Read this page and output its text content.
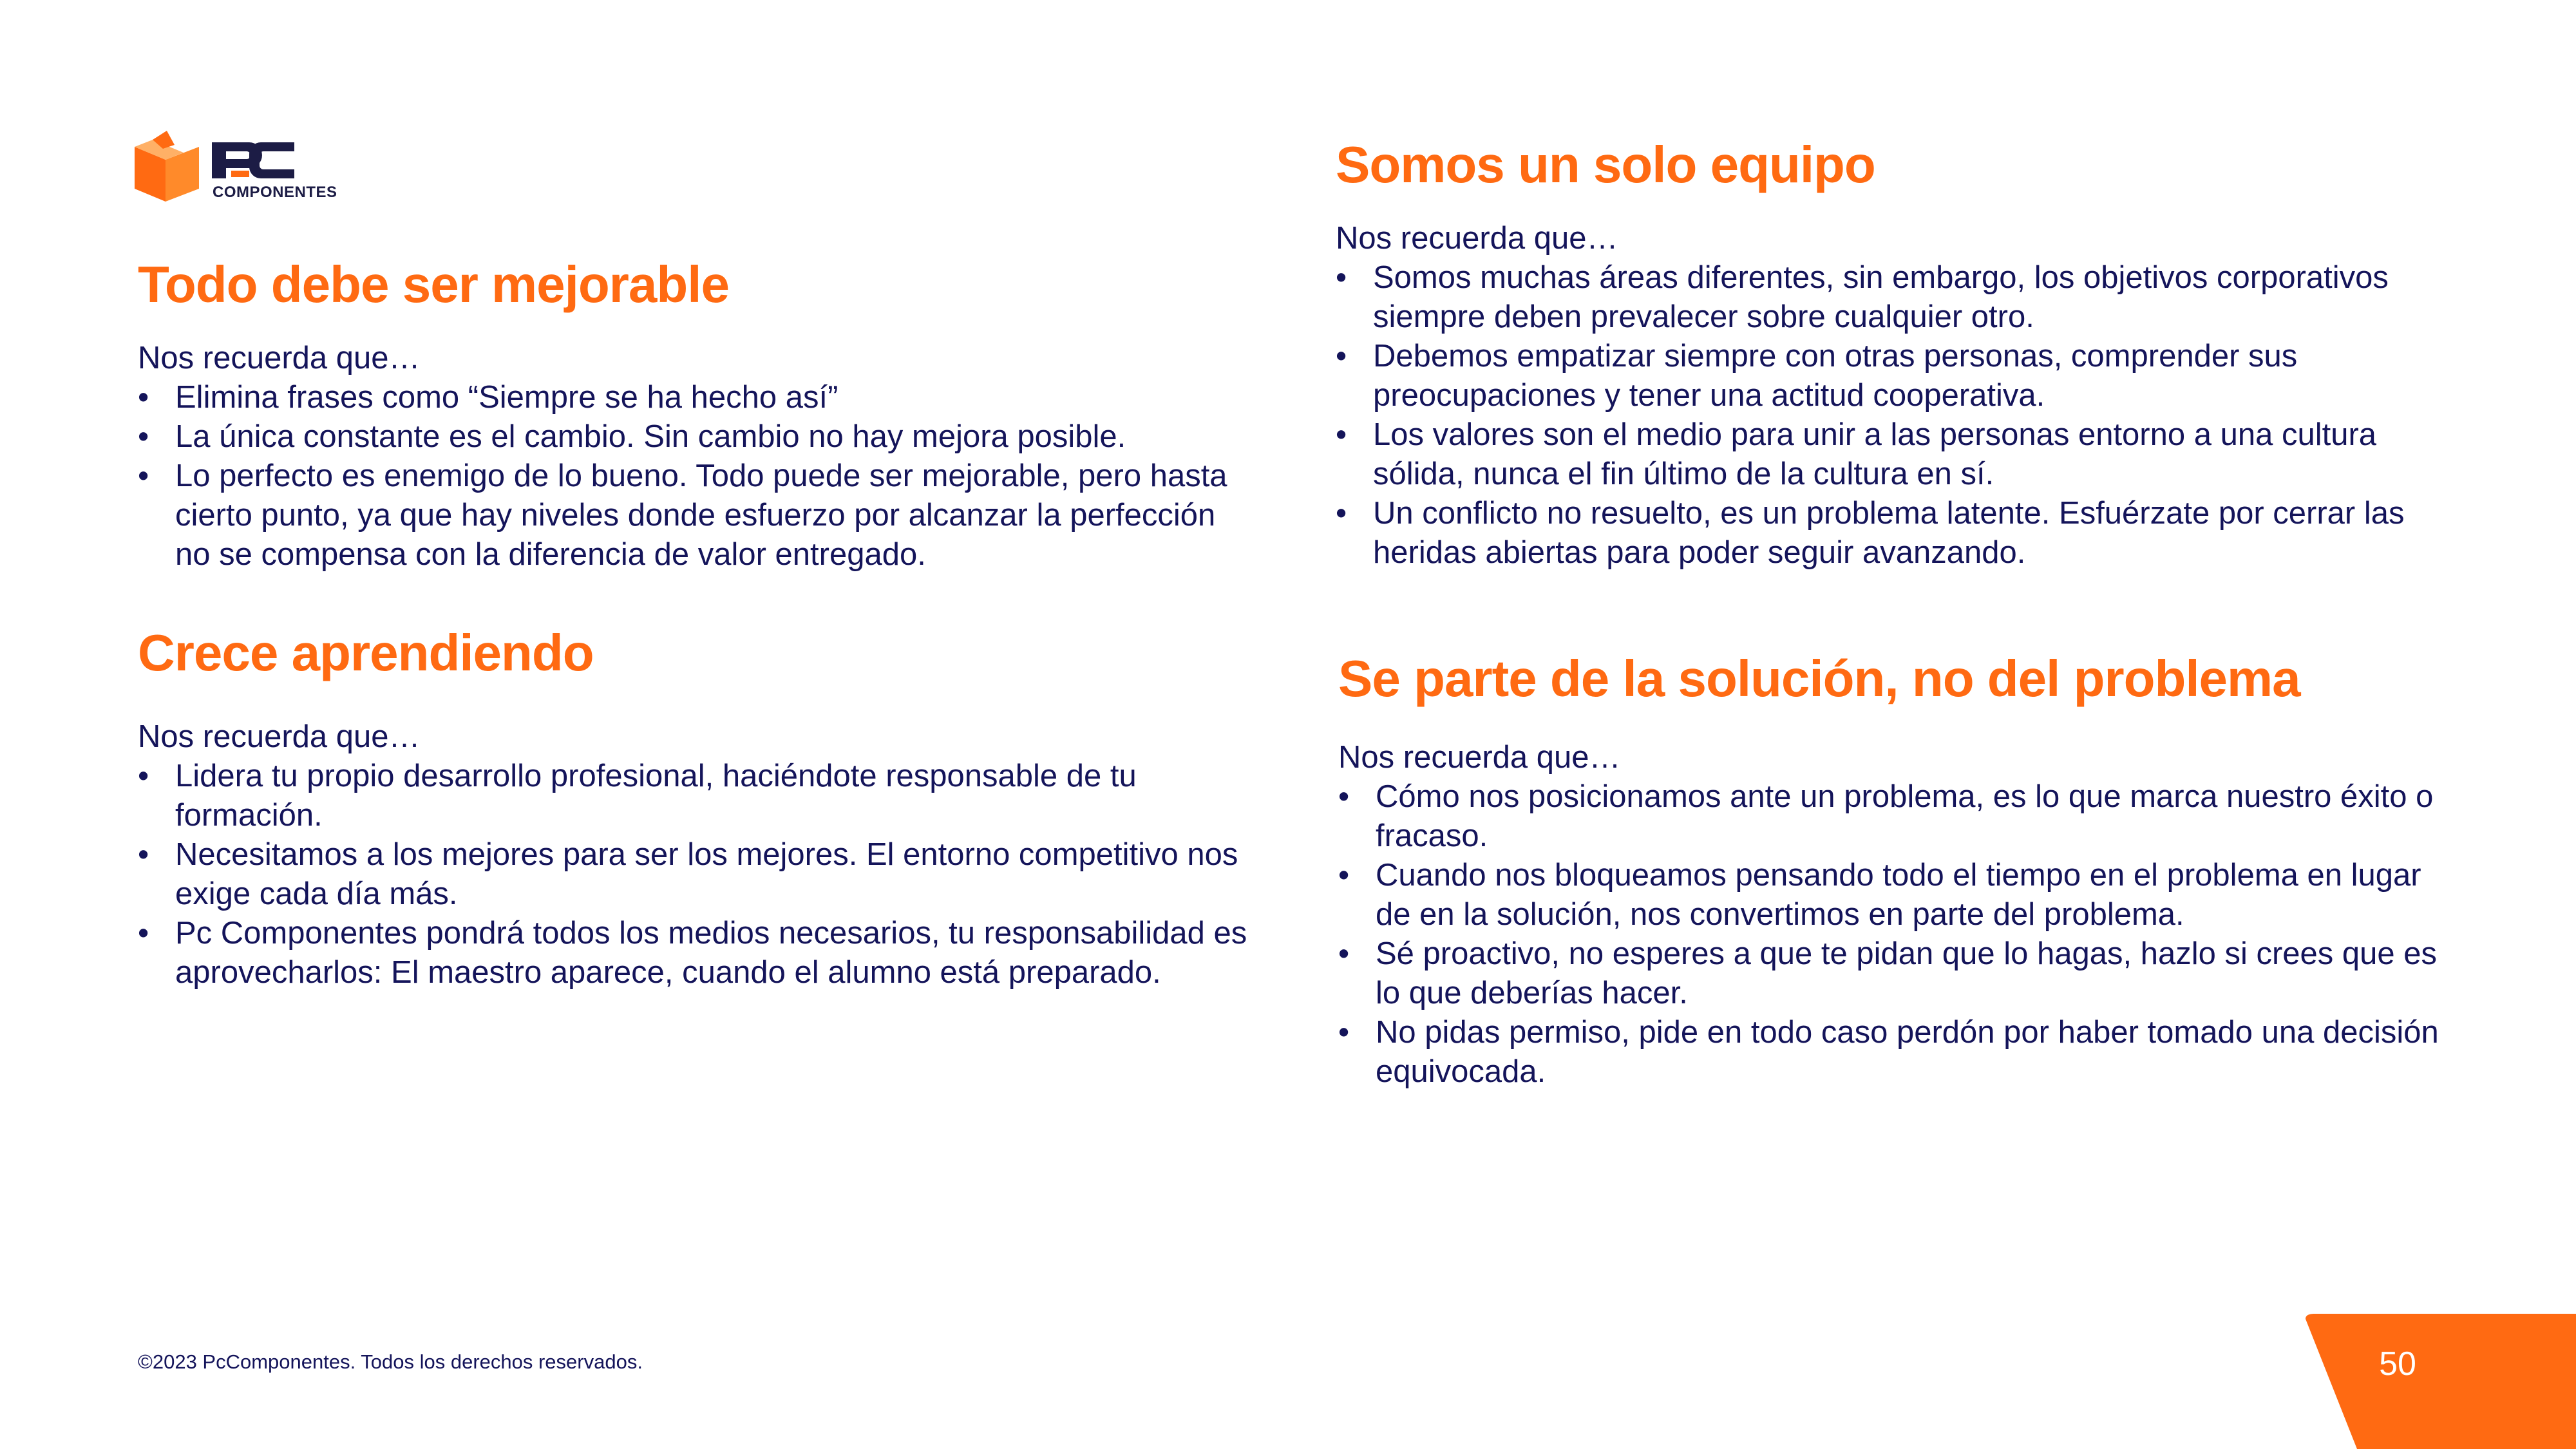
COMPONENTES
Todo debe ser mejorable
Nos recuerda que…
• Elimina frases como “Siempre se ha hecho así”
• La única constante es el cambio. Sin cambio no hay mejora posible.
• Lo perfecto es enemigo de lo bueno. Todo puede ser mejorable, pero hasta cierto punto, ya que hay niveles donde esfuerzo por alcanzar la perfección no se compensa con la diferencia de valor entregado.
Crece aprendiendo
Nos recuerda que…
• Lidera tu propio desarrollo profesional, haciéndote responsable de tu formación.
• Necesitamos a los mejores para ser los mejores. El entorno competitivo nos exige cada día más.
• Pc Componentes pondrá todos los medios necesarios, tu responsabilidad es aprovecharlos: El maestro aparece, cuando el alumno está preparado.
Somos un solo equipo
Nos recuerda que…
• Somos muchas áreas diferentes, sin embargo, los objetivos corporativos siempre deben prevalecer sobre cualquier otro.
• Debemos empatizar siempre con otras personas, comprender sus preocupaciones y tener una actitud cooperativa.
• Los valores son el medio para unir a las personas entorno a una cultura sólida, nunca el fin último de la cultura en sí.
• Un conflicto no resuelto, es un problema latente. Esfuérzate por cerrar las heridas abiertas para poder seguir avanzando.
Se parte de la solución, no del problema
Nos recuerda que…
• Cómo nos posicionamos ante un problema, es lo que marca nuestro éxito o fracaso.
• Cuando nos bloqueamos pensando todo el tiempo en el problema en lugar de en la solución, nos convertimos en parte del problema.
• Sé proactivo, no esperes a que te pidan que lo hagas, hazlo si crees que es lo que deberías hacer.
• No pidas permiso, pide en todo caso perdón por haber tomado una decisión equivocada.
©2023 PcComponentes. Todos los derechos reservados.	50
